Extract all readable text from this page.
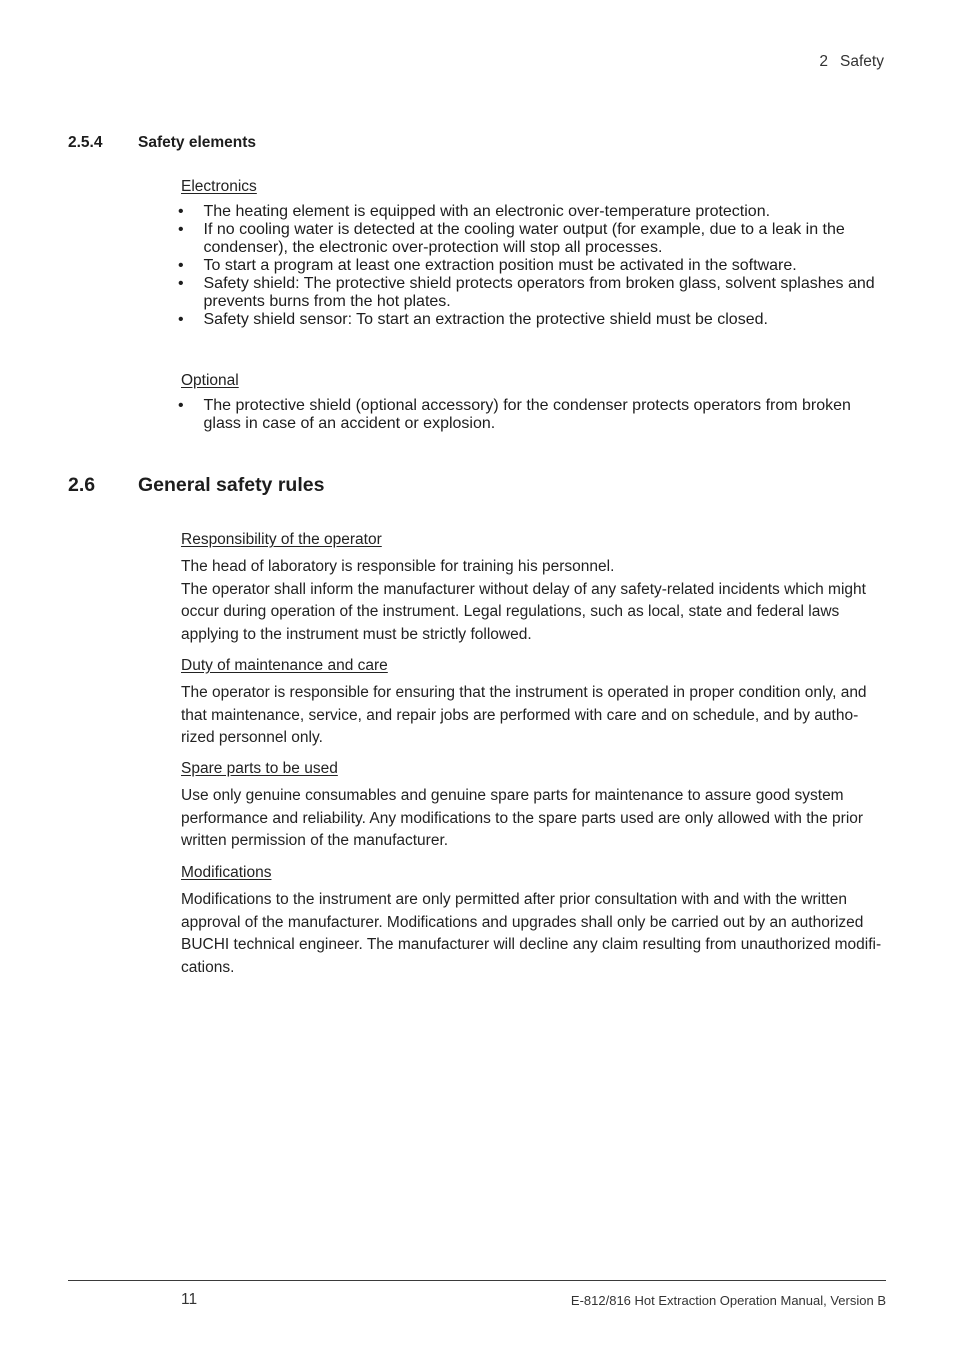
2 Safety
2.5.4 Safety elements
Electronics
• The heating element is equipped with an electronic over-temperature protection.
• If no cooling water is detected at the cooling water output (for example, due to a leak in the condenser), the electronic over-protection will stop all processes.
• To start a program at least one extraction position must be activated in the software.
• Safety shield: The protective shield protects operators from broken glass, solvent splashes and prevents burns from the hot plates.
• Safety shield sensor: To start an extraction the protective shield must be closed.
Optional
• The protective shield (optional accessory) for the condenser protects operators from broken glass in case of an accident or explosion.
2.6 General safety rules
Responsibility of the operator

The head of laboratory is responsible for training his personnel.

The operator shall inform the manufacturer without delay of any safety-related incidents which might occur during operation of the instrument. Legal regulations, such as local, state and federal laws applying to the instrument must be strictly followed.

Duty of maintenance and care

The operator is responsible for ensuring that the instrument is operated in proper condition only, and that maintenance, service, and repair jobs are performed with care and on schedule, and by autho- rized personnel only.

Spare parts to be used

Use only genuine consumables and genuine spare parts for maintenance to assure good system performance and reliability. Any modifications to the spare parts used are only allowed with the prior written permission of the manufacturer.

Modifications

Modifications to the instrument are only permitted after prior consultation with and with the written approval of the manufacturer. Modifications and upgrades shall only be carried out by an authorized BUCHI technical engineer. The manufacturer will decline any claim resulting from unauthorized modifi- cations.

11	E-812/816 Hot Extraction Operation Manual, Version B
